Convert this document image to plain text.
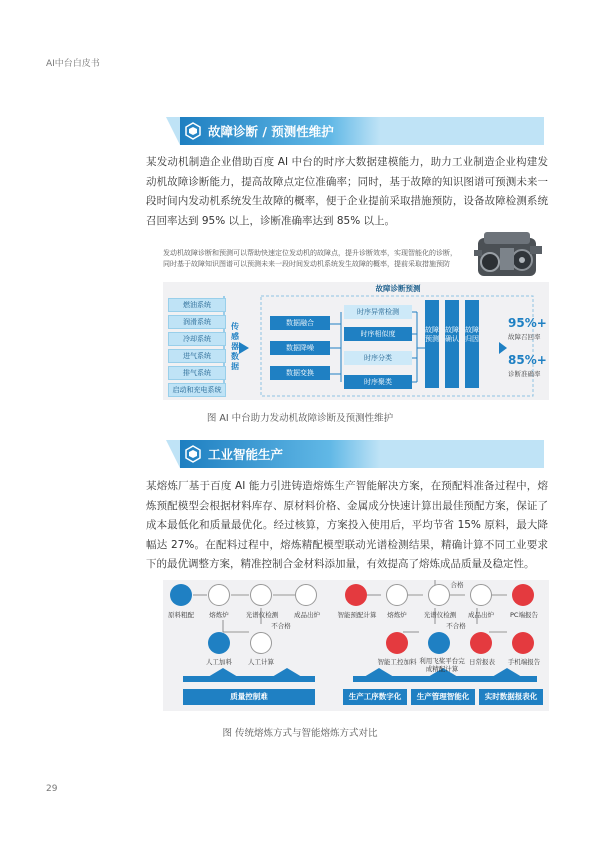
AI中台白皮书
故障诊断 / 预测性维护
某发动机制造企业借助百度 AI 中台的时序大数据建模能力，助力工业制造企业构建发动机故障诊断能力，提高故障点定位准确率；同时，基于故障的知识图谱可预测未来一段时间内发动机系统发生故障的概率，便于企业提前采取措施预防，设备故障检测系统召回率达到 95% 以上，诊断准确率达到 85% 以上。
发动机故障诊断和预测可以帮助快速定位发动机的故障点，提升诊断效率，实现智能化的诊断，
同时基于故障知识图谱可以预测未来一段时间发动机系统发生故障的概率，提前采取措施预防
燃油系统
润滑系统
冷却系统
进气系统
排气系统
启动和充电系统
传感器数据
故障诊断预测
数据融合
数据降噪
数据变换
时序异常检测
时序相似度
时序分类
时序聚类
故障预测
故障确认
故障归因
95%+
故障召回率
85%+
诊断准确率
图 AI 中台助力发动机故障诊断及预测性维护
工业智能生产
某熔炼厂基于百度 AI 能力引进铸造熔炼生产智能解决方案，在预配料准备过程中，熔炼预配模型会根据材料库存、原材料价格、金属成分快速计算出最佳预配方案，保证了成本最低化和质量最优化。经过核算，方案投入使用后，平均节省 15% 原料，最大降幅达 27%。在配料过程中，熔炼精配模型联动光谱检测结果，精确计算不同工业要求下的最优调整方案，精准控制合金材料添加量，有效提高了熔炼成品质量及稳定性。
原料粗配	熔炼炉	光谱仪检测	成品出炉
不合格
人工加料	人工计算
质量控制难
合格
智能预配计算	熔炼炉	光谱仪检测	成品出炉	PC端报告
不合格
智能工控加料 利用飞桨平台完成精配计算
日常报表	手机端报告
生产工序数字化	生产管理智能化	实时数据报表化
图 传统熔炼方式与智能熔炼方式对比
29
